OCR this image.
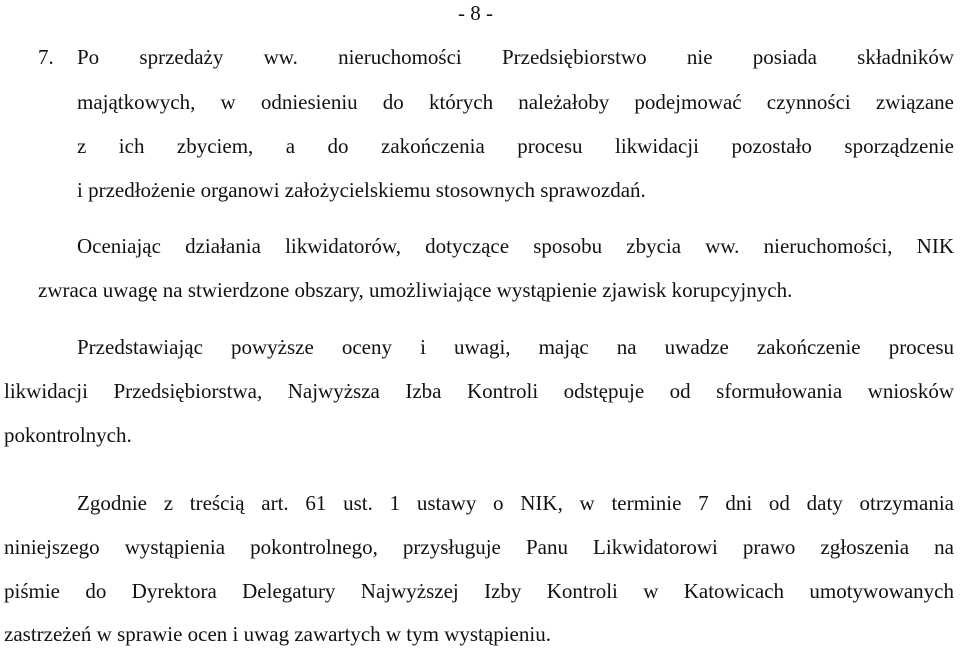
- 8 -
7. Po sprzedaży ww. nieruchomości Przedsiębiorstwo nie posiada składników
majątkowych, w odniesieniu do których należałoby podejmować czynności związane
z ich zbyciem, a do zakończenia procesu likwidacji pozostało sporządzenie
i przedłożenie organowi założycielskiemu stosownych sprawozdań.
Oceniając działania likwidatorów, dotyczące sposobu zbycia ww. nieruchomości, NIK
zwraca uwagę na stwierdzone obszary, umożliwiające wystąpienie zjawisk korupcyjnych.
Przedstawiając powyższe oceny i uwagi, mając na uwadze zakończenie procesu
likwidacji Przedsiębiorstwa, Najwyższa Izba Kontroli odstępuje od sformułowania wniosków
pokontrolnych.
Zgodnie z treścią art. 61 ust. 1 ustawy o NIK, w terminie 7 dni od daty otrzymania
niniejszego wystąpienia pokontrolnego, przysługuje Panu Likwidatorowi prawo zgłoszenia na
piśmie do Dyrektora Delegatury Najwyższej Izby Kontroli w Katowicach umotywowanych
zastrzeżeń w sprawie ocen i uwag zawartych w tym wystąpieniu.
